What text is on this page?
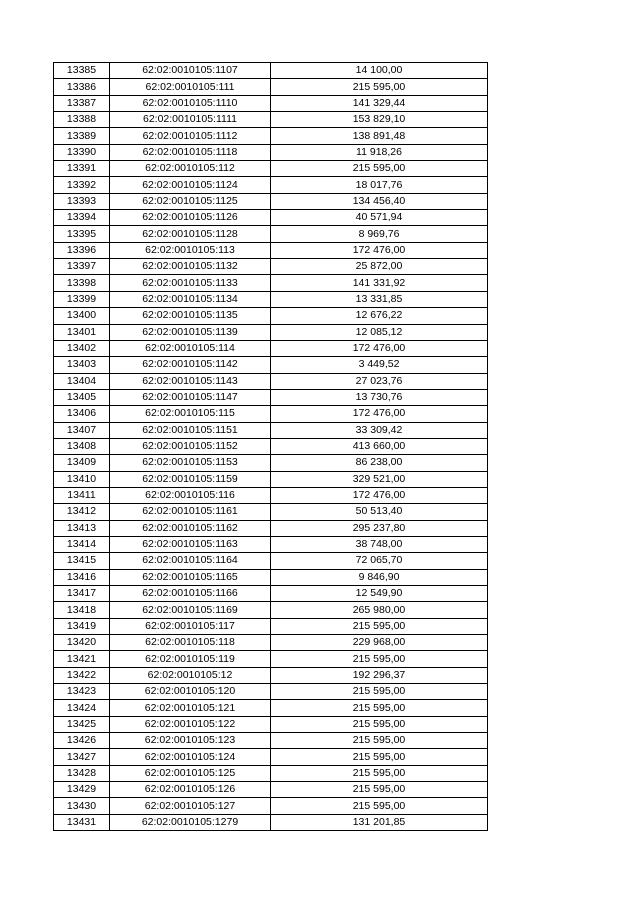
13385	62:02:0010105:1107	14 100,00
13386	62:02:0010105:111	215 595,00
13387	62:02:0010105:1110	141 329,44
13388	62:02:0010105:1111	153 829,10
13389	62:02:0010105:1112	138 891,48
13390	62:02:0010105:1118	11 918,26
13391	62:02:0010105:112	215 595,00
13392	62:02:0010105:1124	18 017,76
13393	62:02:0010105:1125	134 456,40
13394	62:02:0010105:1126	40 571,94
13395	62:02:0010105:1128	8 969,76
13396	62:02:0010105:113	172 476,00
13397	62:02:0010105:1132	25 872,00
13398	62:02:0010105:1133	141 331,92
13399	62:02:0010105:1134	13 331,85
13400	62:02:0010105:1135	12 676,22
13401	62:02:0010105:1139	12 085,12
13402	62:02:0010105:114	172 476,00
13403	62:02:0010105:1142	3 449,52
13404	62:02:0010105:1143	27 023,76
13405	62:02:0010105:1147	13 730,76
13406	62:02:0010105:115	172 476,00
13407	62:02:0010105:1151	33 309,42
13408	62:02:0010105:1152	413 660,00
13409	62:02:0010105:1153	86 238,00
13410	62:02:0010105:1159	329 521,00
13411	62:02:0010105:116	172 476,00
13412	62:02:0010105:1161	50 513,40
13413	62:02:0010105:1162	295 237,80
13414	62:02:0010105:1163	38 748,00
13415	62:02:0010105:1164	72 065,70
13416	62:02:0010105:1165	9 846,90
13417	62:02:0010105:1166	12 549,90
13418	62:02:0010105:1169	265 980,00
13419	62:02:0010105:117	215 595,00
13420	62:02:0010105:118	229 968,00
13421	62:02:0010105:119	215 595,00
13422	62:02:0010105:12	192 296,37
13423	62:02:0010105:120	215 595,00
13424	62:02:0010105:121	215 595,00
13425	62:02:0010105:122	215 595,00
13426	62:02:0010105:123	215 595,00
13427	62:02:0010105:124	215 595,00
13428	62:02:0010105:125	215 595,00
13429	62:02:0010105:126	215 595,00
13430	62:02:0010105:127	215 595,00
13431	62:02:0010105:1279	131 201,85
